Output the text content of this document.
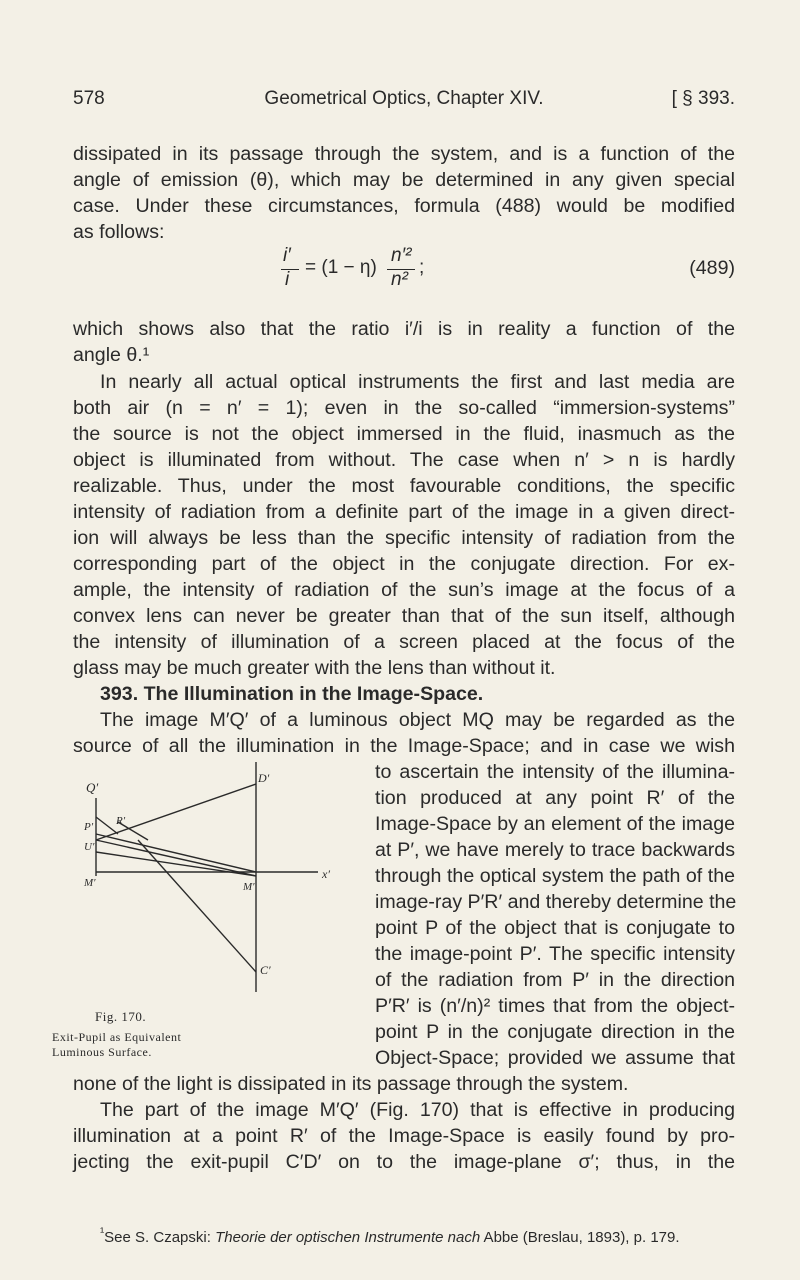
578	Geometrical Optics, Chapter XIV.	[ § 393.
dissipated in its passage through the system, and is a function of the
angle of emission (θ), which may be determined in any given special
case. Under these circumstances, formula (488) would be modified
as follows:
i′
i
= (1 − η)
n′²
n²
;	(489)
which shows also that the ratio i′/i is in reality a function of the
angle θ.¹
In nearly all actual optical instruments the first and last media are
both air (n = n′ = 1); even in the so-called “immersion-systems”
the source is not the object immersed in the fluid, inasmuch as the
object is illuminated from without. The case when n′ > n is hardly
realizable. Thus, under the most favourable conditions, the specific
intensity of radiation from a definite part of the image in a given direct-
ion will always be less than the specific intensity of radiation from the
corresponding part of the object in the conjugate direction. For ex-
ample, the intensity of radiation of the sun’s image at the focus of a
convex lens can never be greater than that of the sun itself, although
the intensity of illumination of a screen placed at the focus of the
glass may be much greater with the lens than without it.
393. The Illumination in the Image-Space.
The image M′Q′ of a luminous object MQ may be regarded as the
source of all the illumination in the Image-Space; and in case we wish
to ascertain the intensity of the illumina-
tion produced at any point R′ of the
Image-Space by an element of the image
at P′, we have merely to trace backwards
through the optical system the path of the
image-ray P′R′ and thereby determine the
point P of the object that is conjugate to
the image-point P′. The specific intensity
of the radiation from P′ in the direction
P′R′ is (n′/n)² times that from the object-
point P in the conjugate direction in the
Object-Space; provided we assume that
none of the light is dissipated in its passage through the system.
The part of the image M′Q′ (Fig. 170) that is effective in producing
illumination at a point R′ of the Image-Space is easily found by pro-
jecting the exit-pupil C′D′ on to the image-plane σ′; thus, in the
Q′
R′
P′
U′
M′
D′
x′
M′
C′
Fig. 170.
Exit-Pupil as Equivalent
Luminous Surface.
$^{^1}$See S. Czapski: Theorie der optischen Instrumente nach Abbe (Breslau, 1893), p. 179.
